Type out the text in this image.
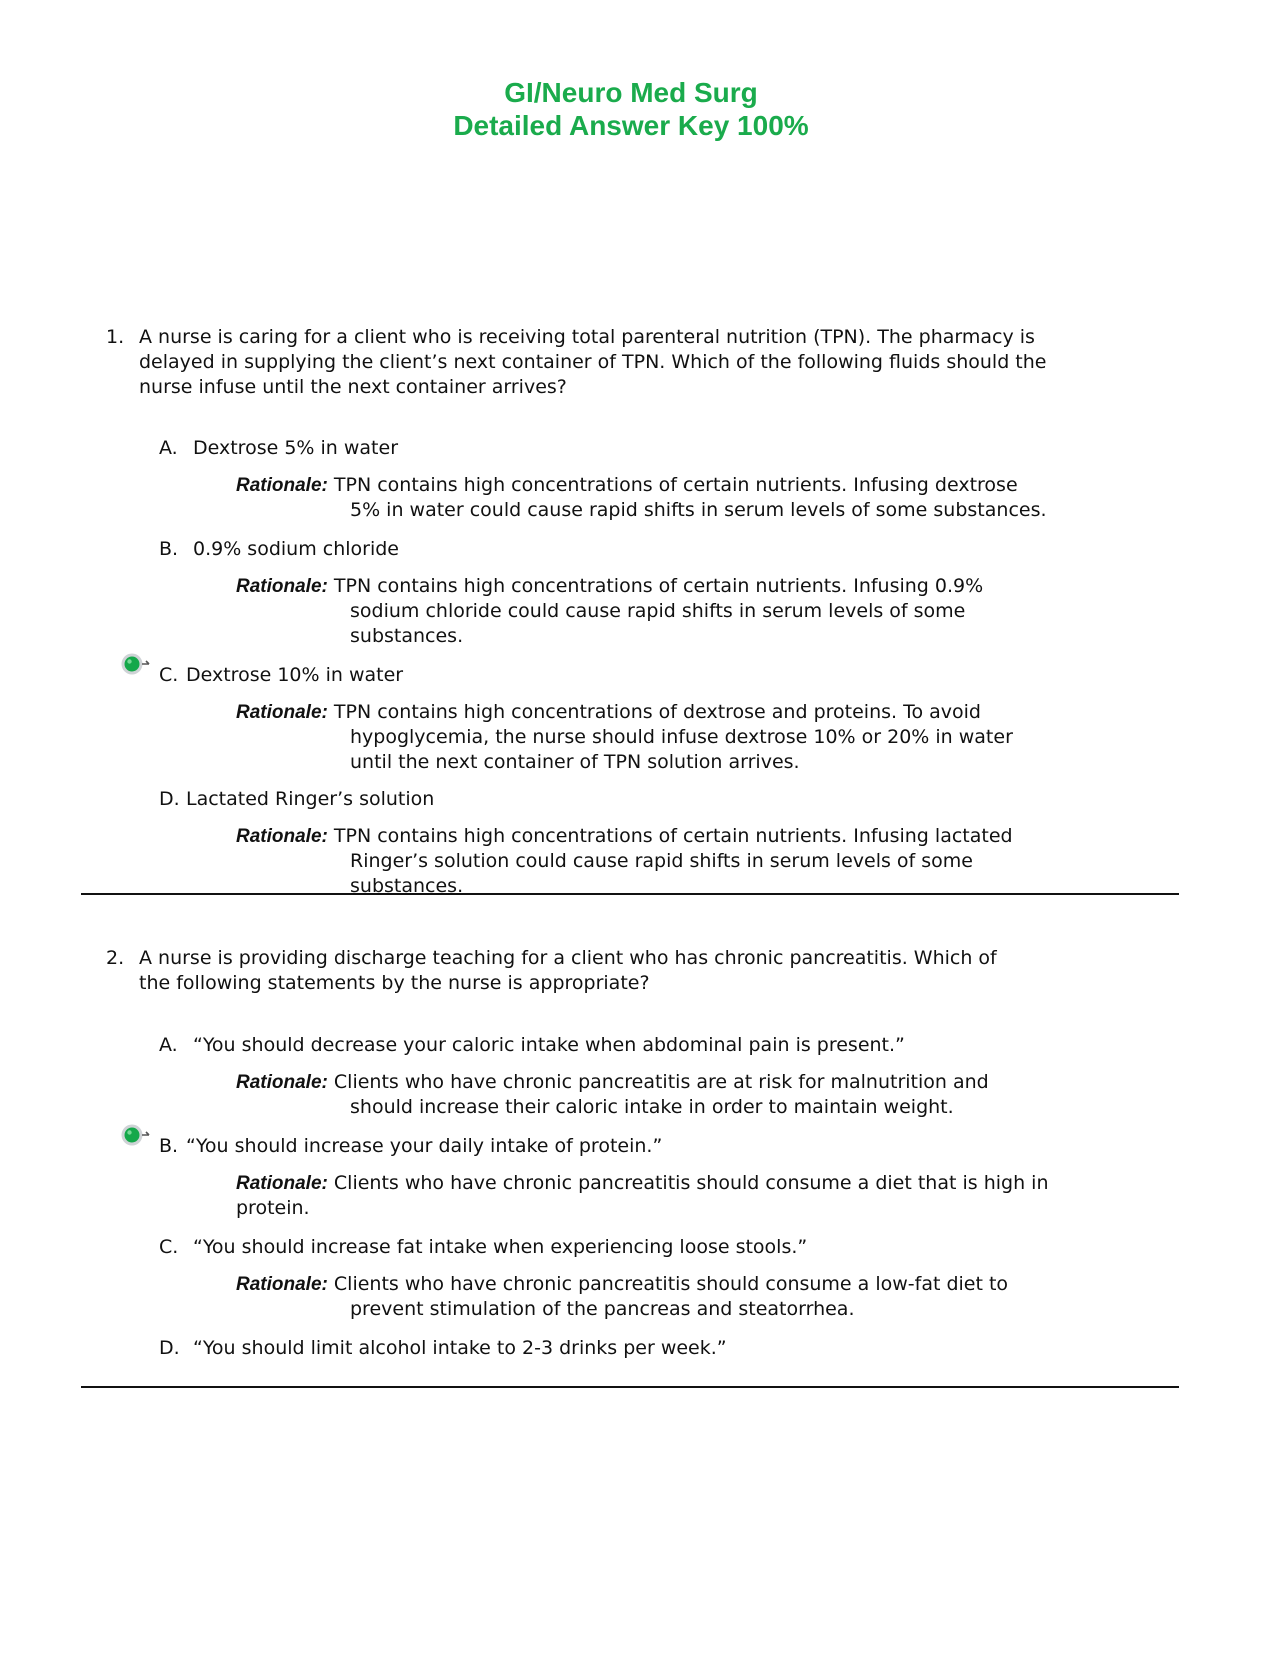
GI/Neuro Med Surg
Detailed Answer Key 100%
1. A nurse is caring for a client who is receiving total parenteral nutrition (TPN). The pharmacy is
delayed in supplying the client’s next container of TPN. Which of the following fluids should the
nurse infuse until the next container arrives?
A. Dextrose 5% in water
Rationale: TPN contains high concentrations of certain nutrients. Infusing dextrose
5% in water could cause rapid shifts in serum levels of some substances.
B. 0.9% sodium chloride
Rationale: TPN contains high concentrations of certain nutrients. Infusing 0.9%
sodium chloride could cause rapid shifts in serum levels of some
substances.
C. Dextrose 10% in water
Rationale: TPN contains high concentrations of dextrose and proteins. To avoid
hypoglycemia, the nurse should infuse dextrose 10% or 20% in water
until the next container of TPN solution arrives.
D. Lactated Ringer’s solution
Rationale: TPN contains high concentrations of certain nutrients. Infusing lactated
Ringer’s solution could cause rapid shifts in serum levels of some
substances.
2. A nurse is providing discharge teaching for a client who has chronic pancreatitis. Which of
the following statements by the nurse is appropriate?
A. “You should decrease your caloric intake when abdominal pain is present.”
Rationale: Clients who have chronic pancreatitis are at risk for malnutrition and
should increase their caloric intake in order to maintain weight.
B. “You should increase your daily intake of protein.”
Rationale: Clients who have chronic pancreatitis should consume a diet that is high in
protein.
C. “You should increase fat intake when experiencing loose stools.”
Rationale: Clients who have chronic pancreatitis should consume a low-fat diet to
prevent stimulation of the pancreas and steatorrhea.
D. “You should limit alcohol intake to 2-3 drinks per week.”
